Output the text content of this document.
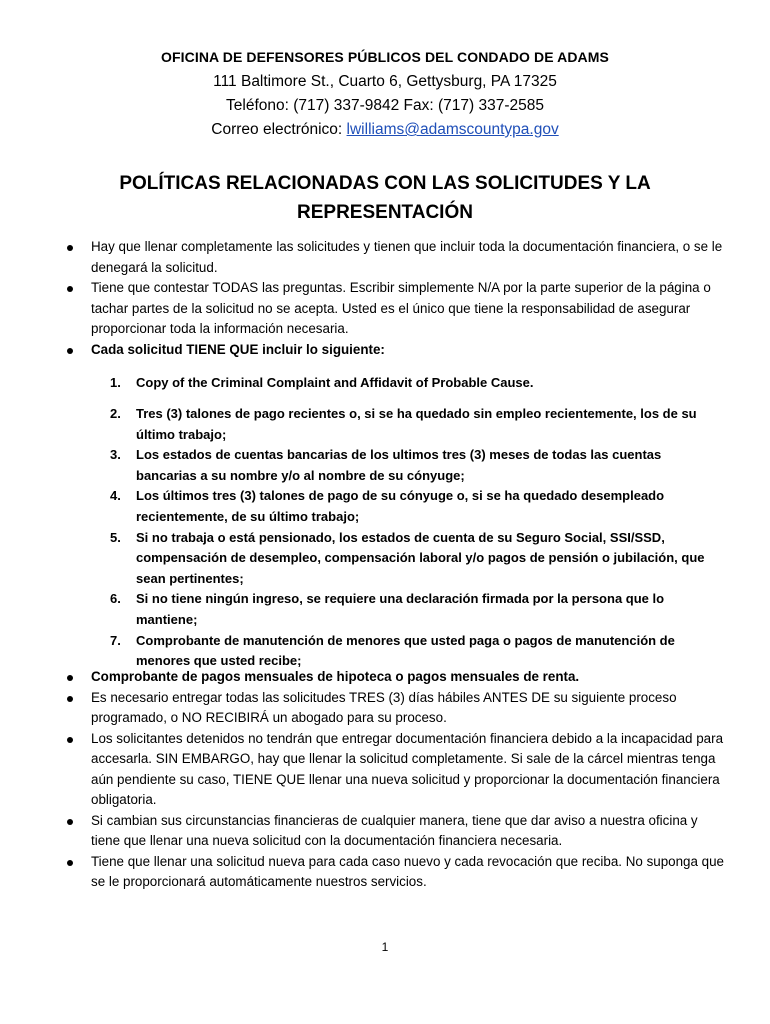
OFICINA DE DEFENSORES PÚBLICOS DEL CONDADO DE ADAMS
111 Baltimore St., Cuarto 6, Gettysburg, PA 17325
Teléfono: (717) 337-9842 Fax: (717) 337-2585
Correo electrónico: lwilliams@adamscountypa.gov
POLÍTICAS RELACIONADAS CON LAS SOLICITUDES Y LA
REPRESENTACIÓN
Hay que llenar completamente las solicitudes y tienen que incluir toda la documentación financiera, o se le denegará la solicitud.
Tiene que contestar TODAS las preguntas. Escribir simplemente N/A por la parte superior de la página o tachar partes de la solicitud no se acepta. Usted es el único que tiene la responsabilidad de asegurar proporcionar toda la información necesaria.
Cada solicitud TIENE QUE incluir lo siguiente:
1. Copy of the Criminal Complaint and Affidavit of Probable Cause.
2. Tres (3) talones de pago recientes o, si se ha quedado sin empleo recientemente, los de su último trabajo;
3. Los estados de cuentas bancarias de los ultimos tres (3) meses de todas las cuentas bancarias a su nombre y/o al nombre de su cónyuge;
4. Los últimos tres (3) talones de pago de su cónyuge o, si se ha quedado desempleado recientemente, de su último trabajo;
5. Si no trabaja o está pensionado, los estados de cuenta de su Seguro Social, SSI/SSD, compensación de desempleo, compensación laboral y/o pagos de pensión o jubilación, que sean pertinentes;
6. Si no tiene ningún ingreso, se requiere una declaración firmada por la persona que lo mantiene;
7. Comprobante de manutención de menores que usted paga o pagos de manutención de menores que usted recibe;
Comprobante de pagos mensuales de hipoteca o pagos mensuales de renta.
Es necesario entregar todas las solicitudes TRES (3) días hábiles ANTES DE su siguiente proceso programado, o NO RECIBIRÁ un abogado para su proceso.
Los solicitantes detenidos no tendrán que entregar documentación financiera debido a la incapacidad para accesarla. SIN EMBARGO, hay que llenar la solicitud completamente. Si sale de la cárcel mientras tenga aún pendiente su caso, TIENE QUE llenar una nueva solicitud y proporcionar la documentación financiera obligatoria.
Si cambian sus circunstancias financieras de cualquier manera, tiene que dar aviso a nuestra oficina y tiene que llenar una nueva solicitud con la documentación financiera necesaria.
Tiene que llenar una solicitud nueva para cada caso nuevo y cada revocación que reciba. No suponga que se le proporcionará automáticamente nuestros servicios.
1
